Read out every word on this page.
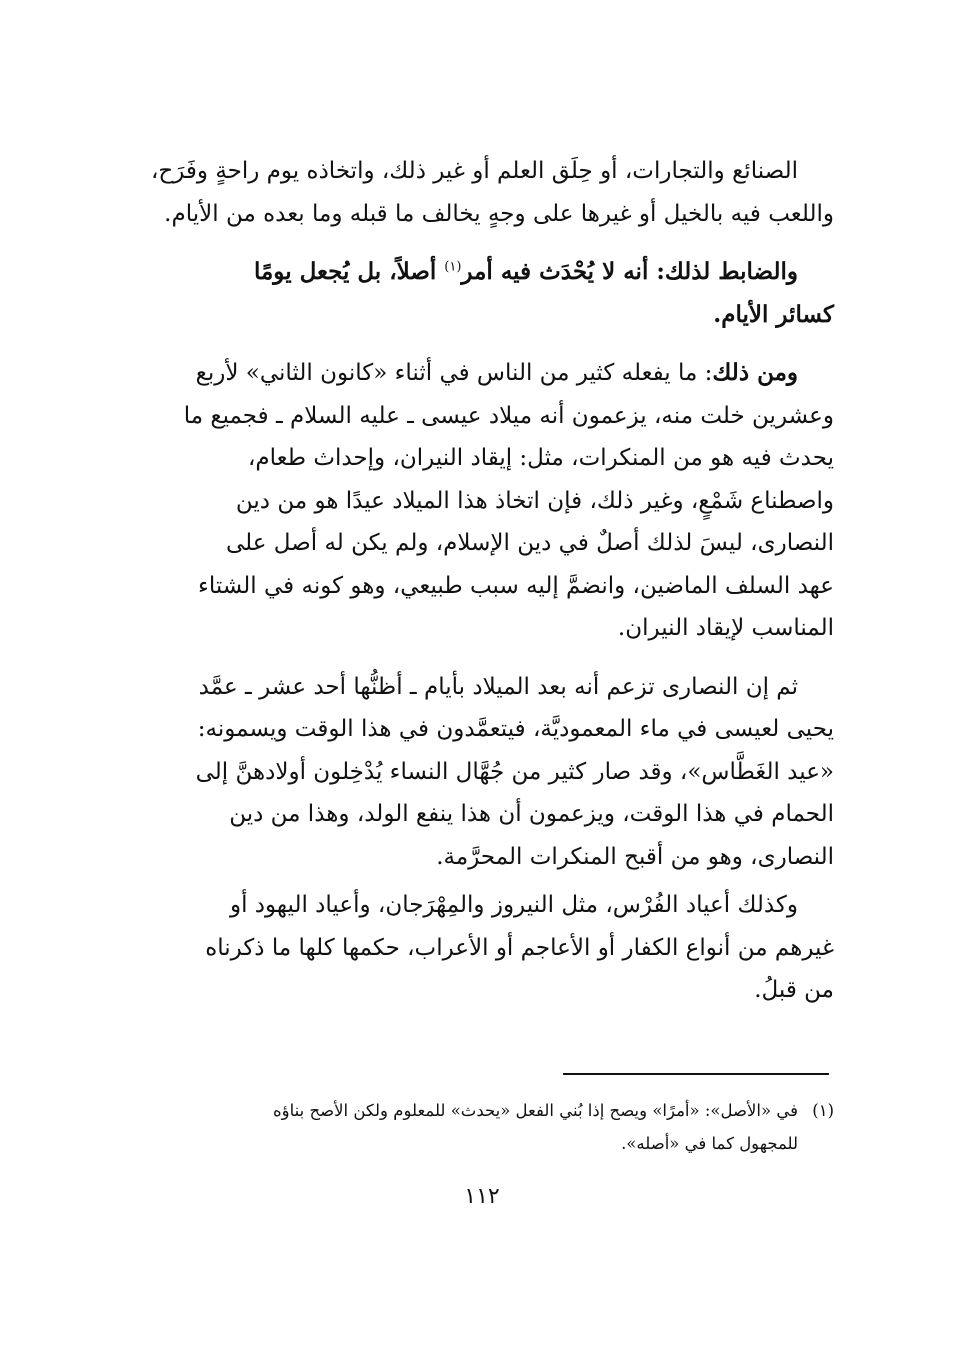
الصنائع والتجارات، أو حِلَق العلم أو غير ذلك، واتخاذه يوم راحةٍ وفَرَح،
واللعب فيه بالخيل أو غيرها على وجهٍ يخالف ما قبله وما بعده من الأيام.

والضابط لذلك: أنه لا يُحْدَث فيه أمر$^{(١)}$ أصلاً، بل يُجعل يومًا
كسائر الأيام.

ومن ذلك: ما يفعله كثير من الناس في أثناء «كانون الثاني» لأربع
وعشرين خلت منه، يزعمون أنه ميلاد عيسى ـ عليه السلام ـ فجميع ما
يحدث فيه هو من المنكرات، مثل: إيقاد النيران، وإحداث طعام،
واصطناع شَمْعٍ، وغير ذلك، فإن اتخاذ هذا الميلاد عيدًا هو من دين
النصارى، ليسَ لذلك أصلٌ في دين الإسلام، ولم يكن له أصل على
عهد السلف الماضين، وانضمَّ إليه سبب طبيعي، وهو كونه في الشتاء
المناسب لإيقاد النيران.

ثم إن النصارى تزعم أنه بعد الميلاد بأيام ـ أظنُّها أحد عشر ـ عمَّد
يحيى لعيسى في ماء المعموديَّة، فيتعمَّدون في هذا الوقت ويسمونه:
«عيد الغَطَّاس»، وقد صار كثير من جُهَّال النساء يُدْخِلون أولادهنَّ إلى
الحمام في هذا الوقت، ويزعمون أن هذا ينفع الولد، وهذا من دين
النصارى، وهو من أقبح المنكرات المحرَّمة.

وكذلك أعياد الفُرْس، مثل النيروز والمِهْرَجان، وأعياد اليهود أو
غيرهم من أنواع الكفار أو الأعاجم أو الأعراب، حكمها كلها ما ذكرناه
من قبلُ.

(١)في «الأصل»: «أمرًا» ويصح إذا بُني الفعل «يحدث» للمعلوم ولكن الأصح بناؤه
للمجهول كما في «أصله».
١١٢
